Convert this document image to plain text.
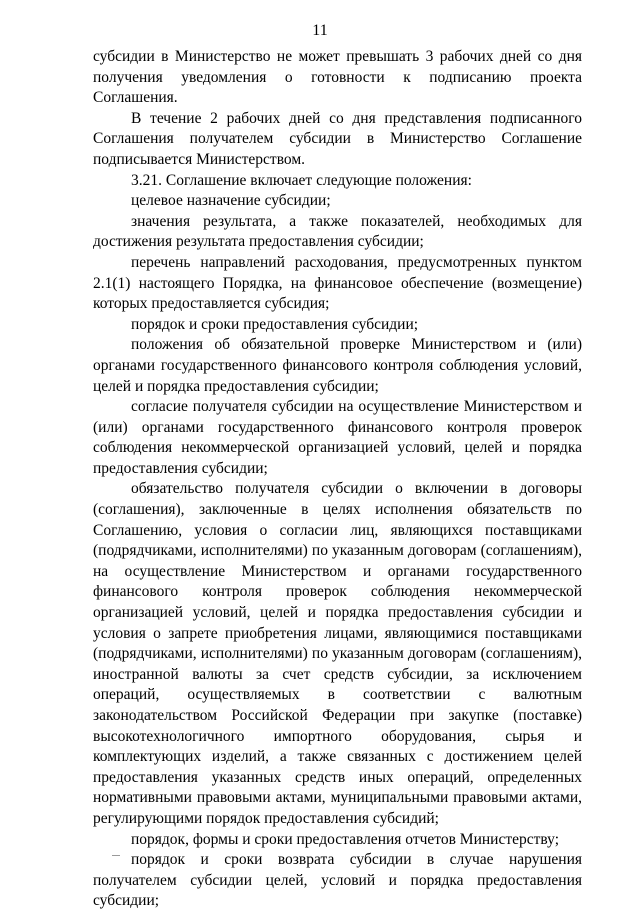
11

субсидии в Министерство не может превышать 3 рабочих дней со дня получения уведомления о готовности к подписанию проекта Соглашения.

В течение 2 рабочих дней со дня представления подписанного Соглашения получателем субсидии в Министерство Соглашение подписывается Министерством.

3.21. Соглашение включает следующие положения:

целевое назначение субсидии;

значения результата, а также показателей, необходимых для достижения результата предоставления субсидии;

перечень направлений расходования, предусмотренных пунктом 2.1(1) настоящего Порядка, на финансовое обеспечение (возмещение) которых предоставляется субсидия;

порядок и сроки предоставления субсидии;

положения об обязательной проверке Министерством и (или) органами государственного финансового контроля соблюдения условий, целей и порядка предоставления субсидии;

согласие получателя субсидии на осуществление Министерством и (или) органами государственного финансового контроля проверок соблюдения некоммерческой организацией условий, целей и порядка предоставления субсидии;

обязательство получателя субсидии о включении в договоры (соглашения), заключенные в целях исполнения обязательств по Соглашению, условия о согласии лиц, являющихся поставщиками (подрядчиками, исполнителями) по указанным договорам (соглашениям), на осуществление Министерством и органами государственного финансового контроля проверок соблюдения некоммерческой организацией условий, целей и порядка предоставления субсидии и условия о запрете приобретения лицами, являющимися поставщиками (подрядчиками, исполнителями) по указанным договорам (соглашениям), иностранной валюты за счет средств субсидии, за исключением операций, осуществляемых в соответствии с валютным законодательством Российской Федерации при закупке (поставке) высокотехнологичного импортного оборудования, сырья и комплектующих изделий, а также связанных с достижением целей предоставления указанных средств иных операций, определенных нормативными правовыми актами, муниципальными правовыми актами, регулирующими порядок предоставления субсидий;

порядок, формы и сроки предоставления отчетов Министерству;

порядок и сроки возврата субсидии в случае нарушения получателем субсидии целей, условий и порядка предоставления субсидии;
